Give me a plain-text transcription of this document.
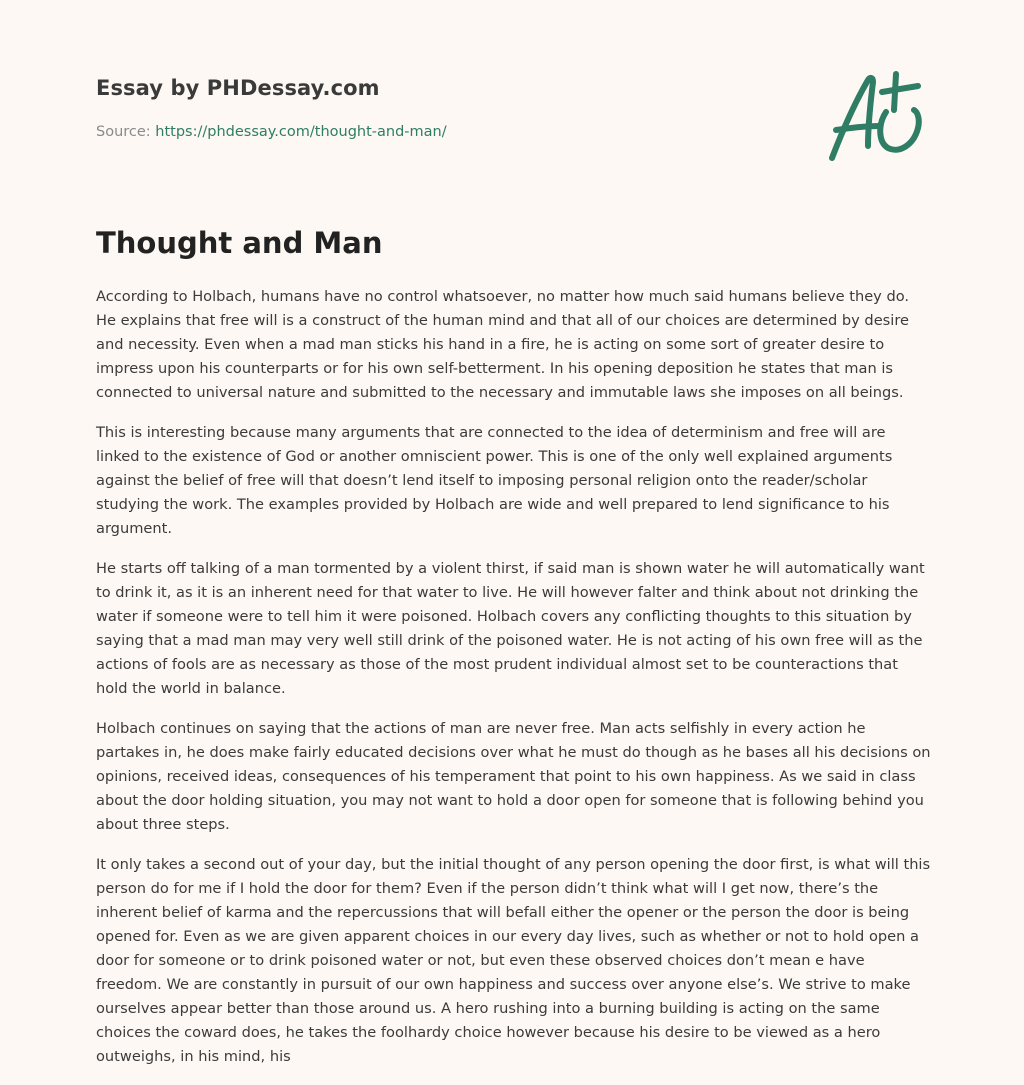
Essay by PHDessay.com

Source: https://phdessay.com/thought-and-man/

Thought and Man

According to Holbach, humans have no control whatsoever, no matter how much said humans believe they do. He explains that free will is a construct of the human mind and that all of our choices are determined by desire and necessity. Even when a mad man sticks his hand in a fire, he is acting on some sort of greater desire to impress upon his counterparts or for his own self-betterment. In his opening deposition he states that man is connected to universal nature and submitted to the necessary and immutable laws she imposes on all beings.

This is interesting because many arguments that are connected to the idea of determinism and free will are linked to the existence of God or another omniscient power. This is one of the only well explained arguments against the belief of free will that doesn’t lend itself to imposing personal religion onto the reader/scholar studying the work. The examples provided by Holbach are wide and well prepared to lend significance to his argument.

He starts off talking of a man tormented by a violent thirst, if said man is shown water he will automatically want to drink it, as it is an inherent need for that water to live. He will however falter and think about not drinking the water if someone were to tell him it were poisoned. Holbach covers any conflicting thoughts to this situation by saying that a mad man may very well still drink of the poisoned water. He is not acting of his own free will as the actions of fools are as necessary as those of the most prudent individual almost set to be counteractions that hold the world in balance.

Holbach continues on saying that the actions of man are never free. Man acts selfishly in every action he partakes in, he does make fairly educated decisions over what he must do though as he bases all his decisions on opinions, received ideas, consequences of his temperament that point to his own happiness. As we said in class about the door holding situation, you may not want to hold a door open for someone that is following behind you about three steps.

It only takes a second out of your day, but the initial thought of any person opening the door first, is what will this person do for me if I hold the door for them? Even if the person didn’t think what will I get now, there’s the inherent belief of karma and the repercussions that will befall either the opener or the person the door is being opened for. Even as we are given apparent choices in our every day lives, such as whether or not to hold open a door for someone or to drink poisoned water or not, but even these observed choices don’t mean e have freedom. We are constantly in pursuit of our own happiness and success over anyone else’s. We strive to make ourselves appear better than those around us. A hero rushing into a burning building is acting on the same choices the coward does, he takes the foolhardy choice however because his desire to be viewed as a hero outweighs, in his mind, his
